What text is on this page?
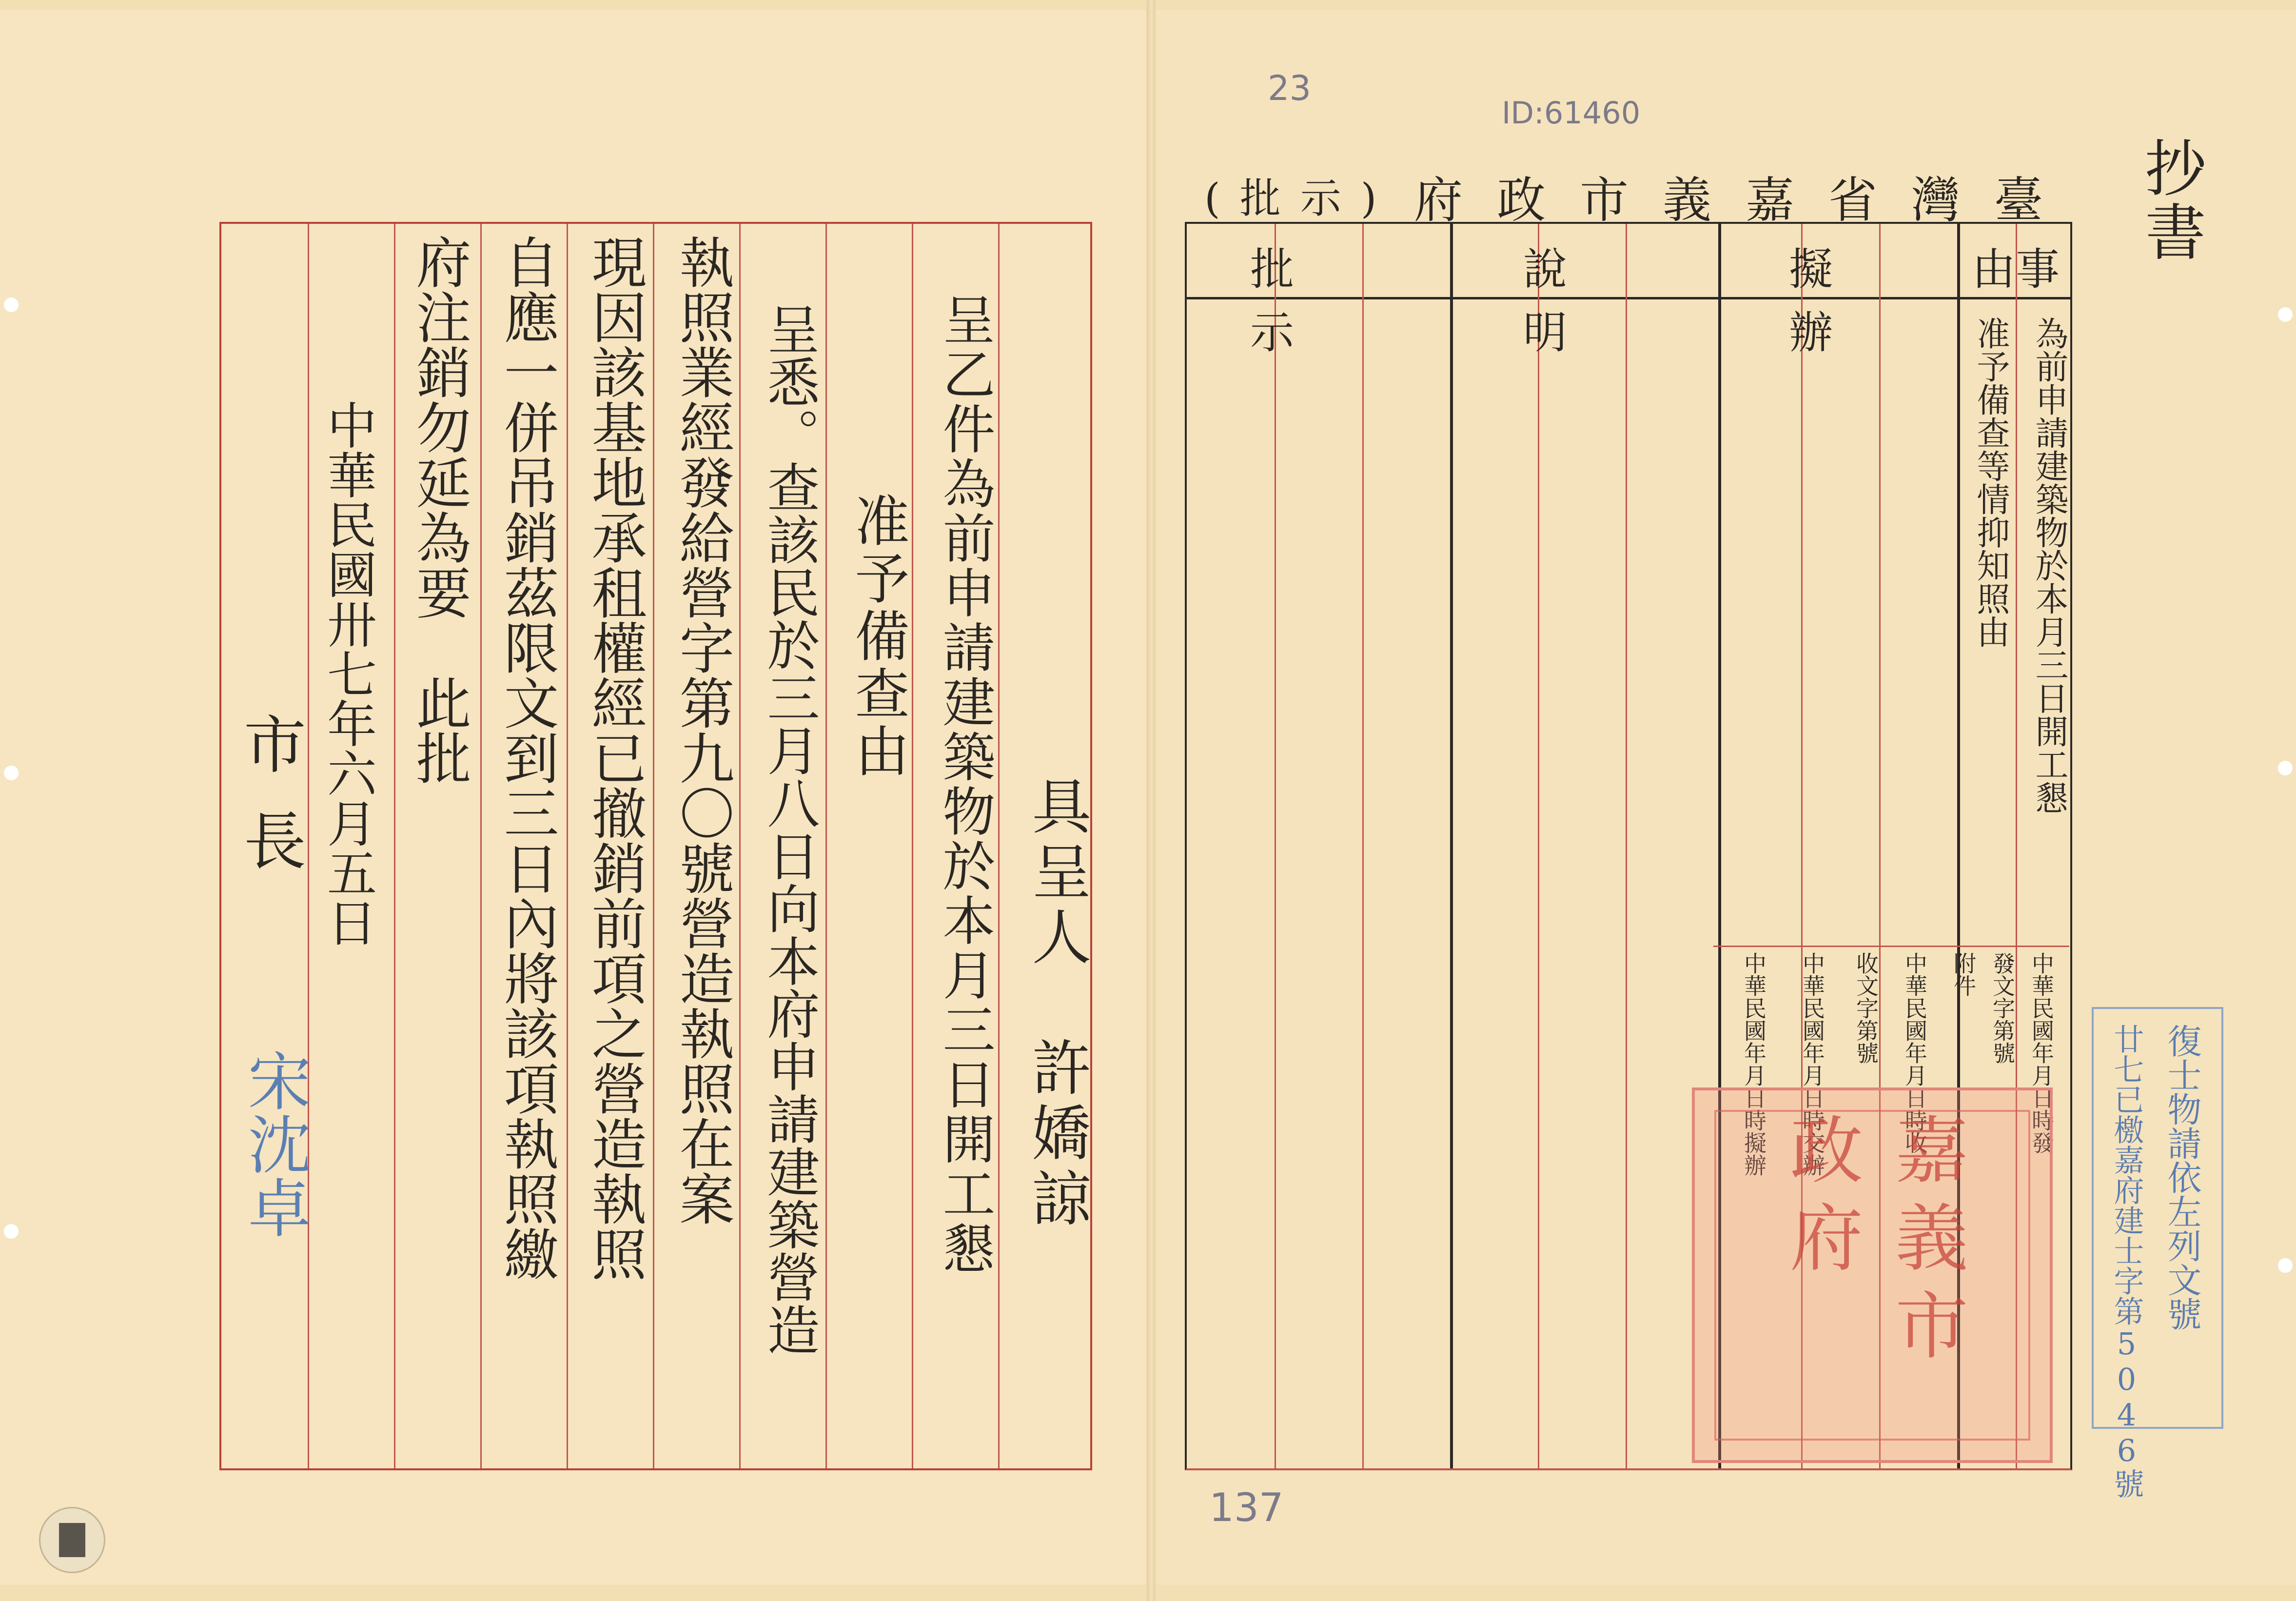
23
ID:61460
137
抄書
臺灣省嘉義市政府
(批示)
事由
擬辦
說明
批示	為前申請建築物於本月三日開工懇
准予備查等情抑知照由
中華民國年月日時發
發文字第號
附件
中華民國年月日時收
收文字第號
中華民國年月日時交辦
中華民國年月日時擬辦
嘉義市政府	復士物請依左列文號
廿七已檄嘉府建士字第5046號
具呈人　許嬌諒
呈乙件為前申請建築物於本月三日開工懇
准予備查由
呈悉。查該民於三月八日向本府申請建築營造
執照業經發給營字第九〇號營造執照在案
現因該基地承租權經已撤銷前項之營造執照
自應一併吊銷茲限文到三日內將該項執照繳
府注銷勿延為要　此批
中華民國卅七年六月五日
市長
宋沈卓
